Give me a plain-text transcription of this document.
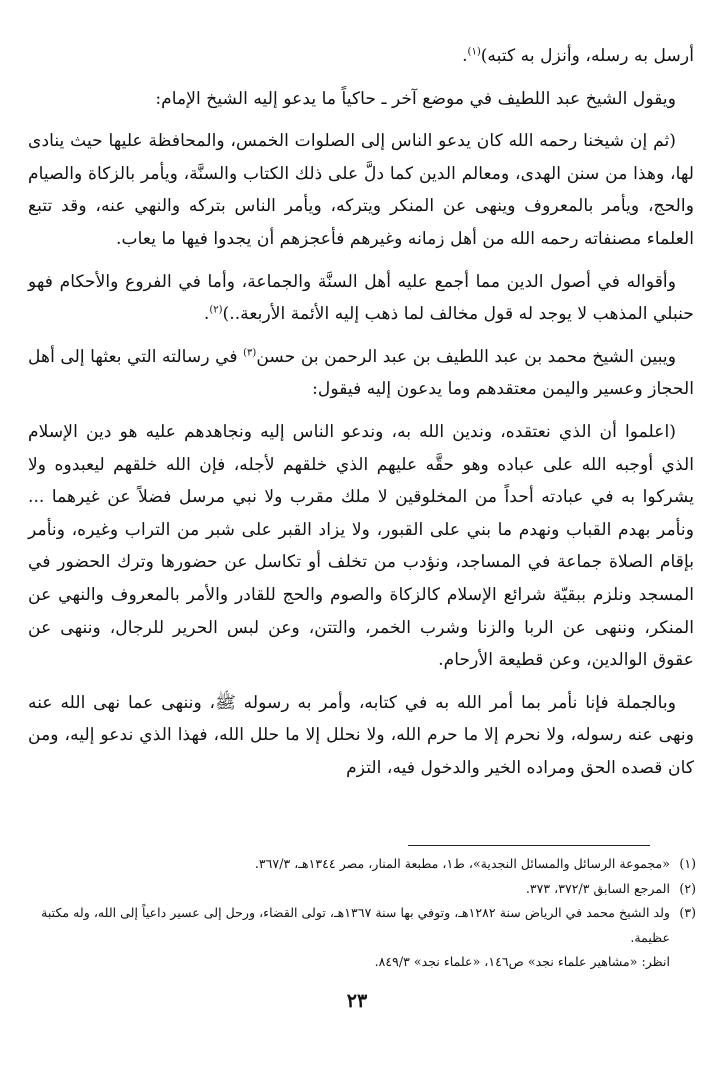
أرسل به رسله، وأنزل به كتبه)$^{(١)}$.

ويقول الشيخ عبد اللطيف في موضع آخر ـ حاكياً ما يدعو إليه الشيخ الإمام:

(ثم إن شيخنا رحمه الله كان يدعو الناس إلى الصلوات الخمس، والمحافظة عليها حيث ينادى لها، وهذا من سنن الهدى، ومعالم الدين كما دلَّ على ذلك الكتاب والسنَّة، ويأمر بالزكاة والصيام والحج، ويأمر بالمعروف وينهى عن المنكر ويتركه، ويأمر الناس بتركه والنهي عنه، وقد تتبع العلماء مصنفاته رحمه الله من أهل زمانه وغيرهم فأعجزهم أن يجدوا فيها ما يعاب.

وأقواله في أصول الدين مما أجمع عليه أهل السنَّة والجماعة، وأما في الفروع والأحكام فهو حنبلي المذهب لا يوجد له قول مخالف لما ذهب إليه الأئمة الأربعة..)$^{(٢)}$.

ويبين الشيخ محمد بن عبد اللطيف بن عبد الرحمن بن حسن$^{(٣)}$ في رسالته التي بعثها إلى أهل الحجاز وعسير واليمن معتقدهم وما يدعون إليه فيقول:

(اعلموا أن الذي نعتقده، وندين الله به، وندعو الناس إليه ونجاهدهم عليه هو دين الإسلام الذي أوجبه الله على عباده وهو حقَّه عليهم الذي خلقهم لأجله، فإن الله خلقهم ليعبدوه ولا يشركوا به في عبادته أحداً من المخلوقين لا ملك مقرب ولا نبي مرسل فضلاً عن غيرهما ... ونأمر بهدم القباب ونهدم ما بني على القبور، ولا يزاد القبر على شبر من التراب وغيره، ونأمر بإقام الصلاة جماعة في المساجد، ونؤدب من تخلف أو تكاسل عن حضورها وترك الحضور في المسجد ونلزم ببقيّة شرائع الإسلام كالزكاة والصوم والحج للقادر والأمر بالمعروف والنهي عن المنكر، وننهى عن الربا والزنا وشرب الخمر، والتتن، وعن لبس الحرير للرجال، وننهى عن عقوق الوالدين، وعن قطيعة الأرحام.

وبالجملة فإنا نأمر بما أمر الله به في كتابه، وأمر به رسوله ﷺ، وننهى عما نهى الله عنه ونهى عنه رسوله، ولا نحرم إلا ما حرم الله، ولا نحلل إلا ما حلل الله، فهذا الذي ندعو إليه، ومن كان قصده الحق ومراده الخير والدخول فيه، التزم

(١)
«مجموعة الرسائل والمسائل النجدية»، ط١، مطبعة المنار، مصر ١٣٤٤هـ، ٣٦٧/٣.
(٢)
المرجع السابق ٣٧٢/٣، ٣٧٣.
(٣)
ولد الشيخ محمد في الرياض سنة ١٢٨٢هـ، وتوفي بها سنة ١٣٦٧هـ، تولى القضاء، ورحل إلى عسير داعياً إلى الله، وله مكتبة عظيمة.
انظر: «مشاهير علماء نجد» ص١٤٦، «علماء نجد» ٨٤٩/٣.
٢٣
